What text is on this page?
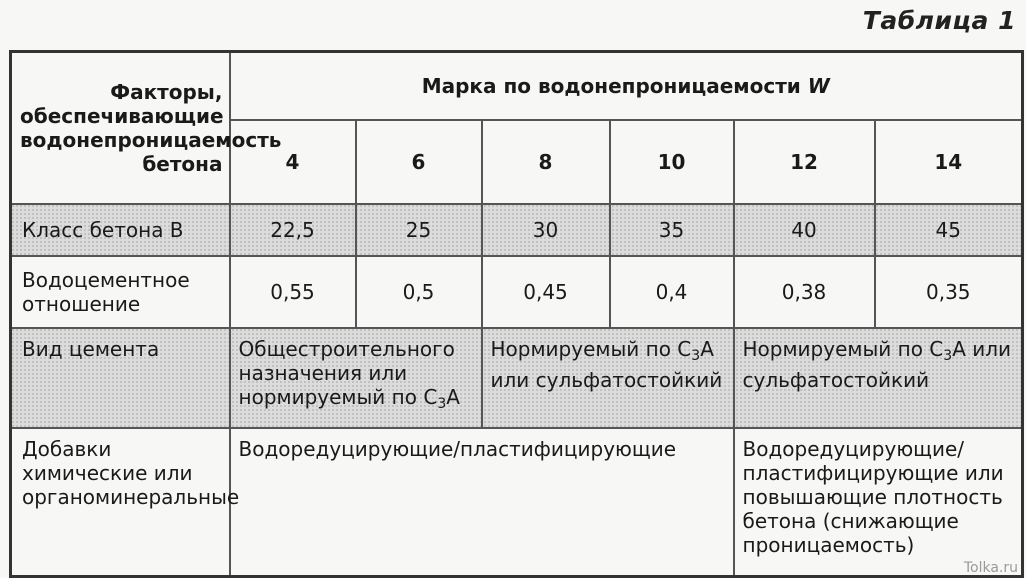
Таблица 1
Факторы, обеспечивающие водонепроницаемость бетона	Марка по водонепроницаемости W					
	4	6	8	10	12	14
Класс бетона В	22,5	25	30	35	40	45
Водоцементное отношение	0,55	0,5	0,45	0,4	0,38	0,35
Вид цемента	Общестроительного назначения или нормируемый по $С_3А$		Нормируемый по $С_3А$ или сульфатостойкий		Нормируемый по $С_3А$ или сульфатостойкий	
Добавки химические или органоминеральные	Водоредуцирующие/пластифицирующие				Водоредуцирующие/ пластифицирующие или повышающие плотность бетона (снижающие проницаемость)	
Tolka.ru
